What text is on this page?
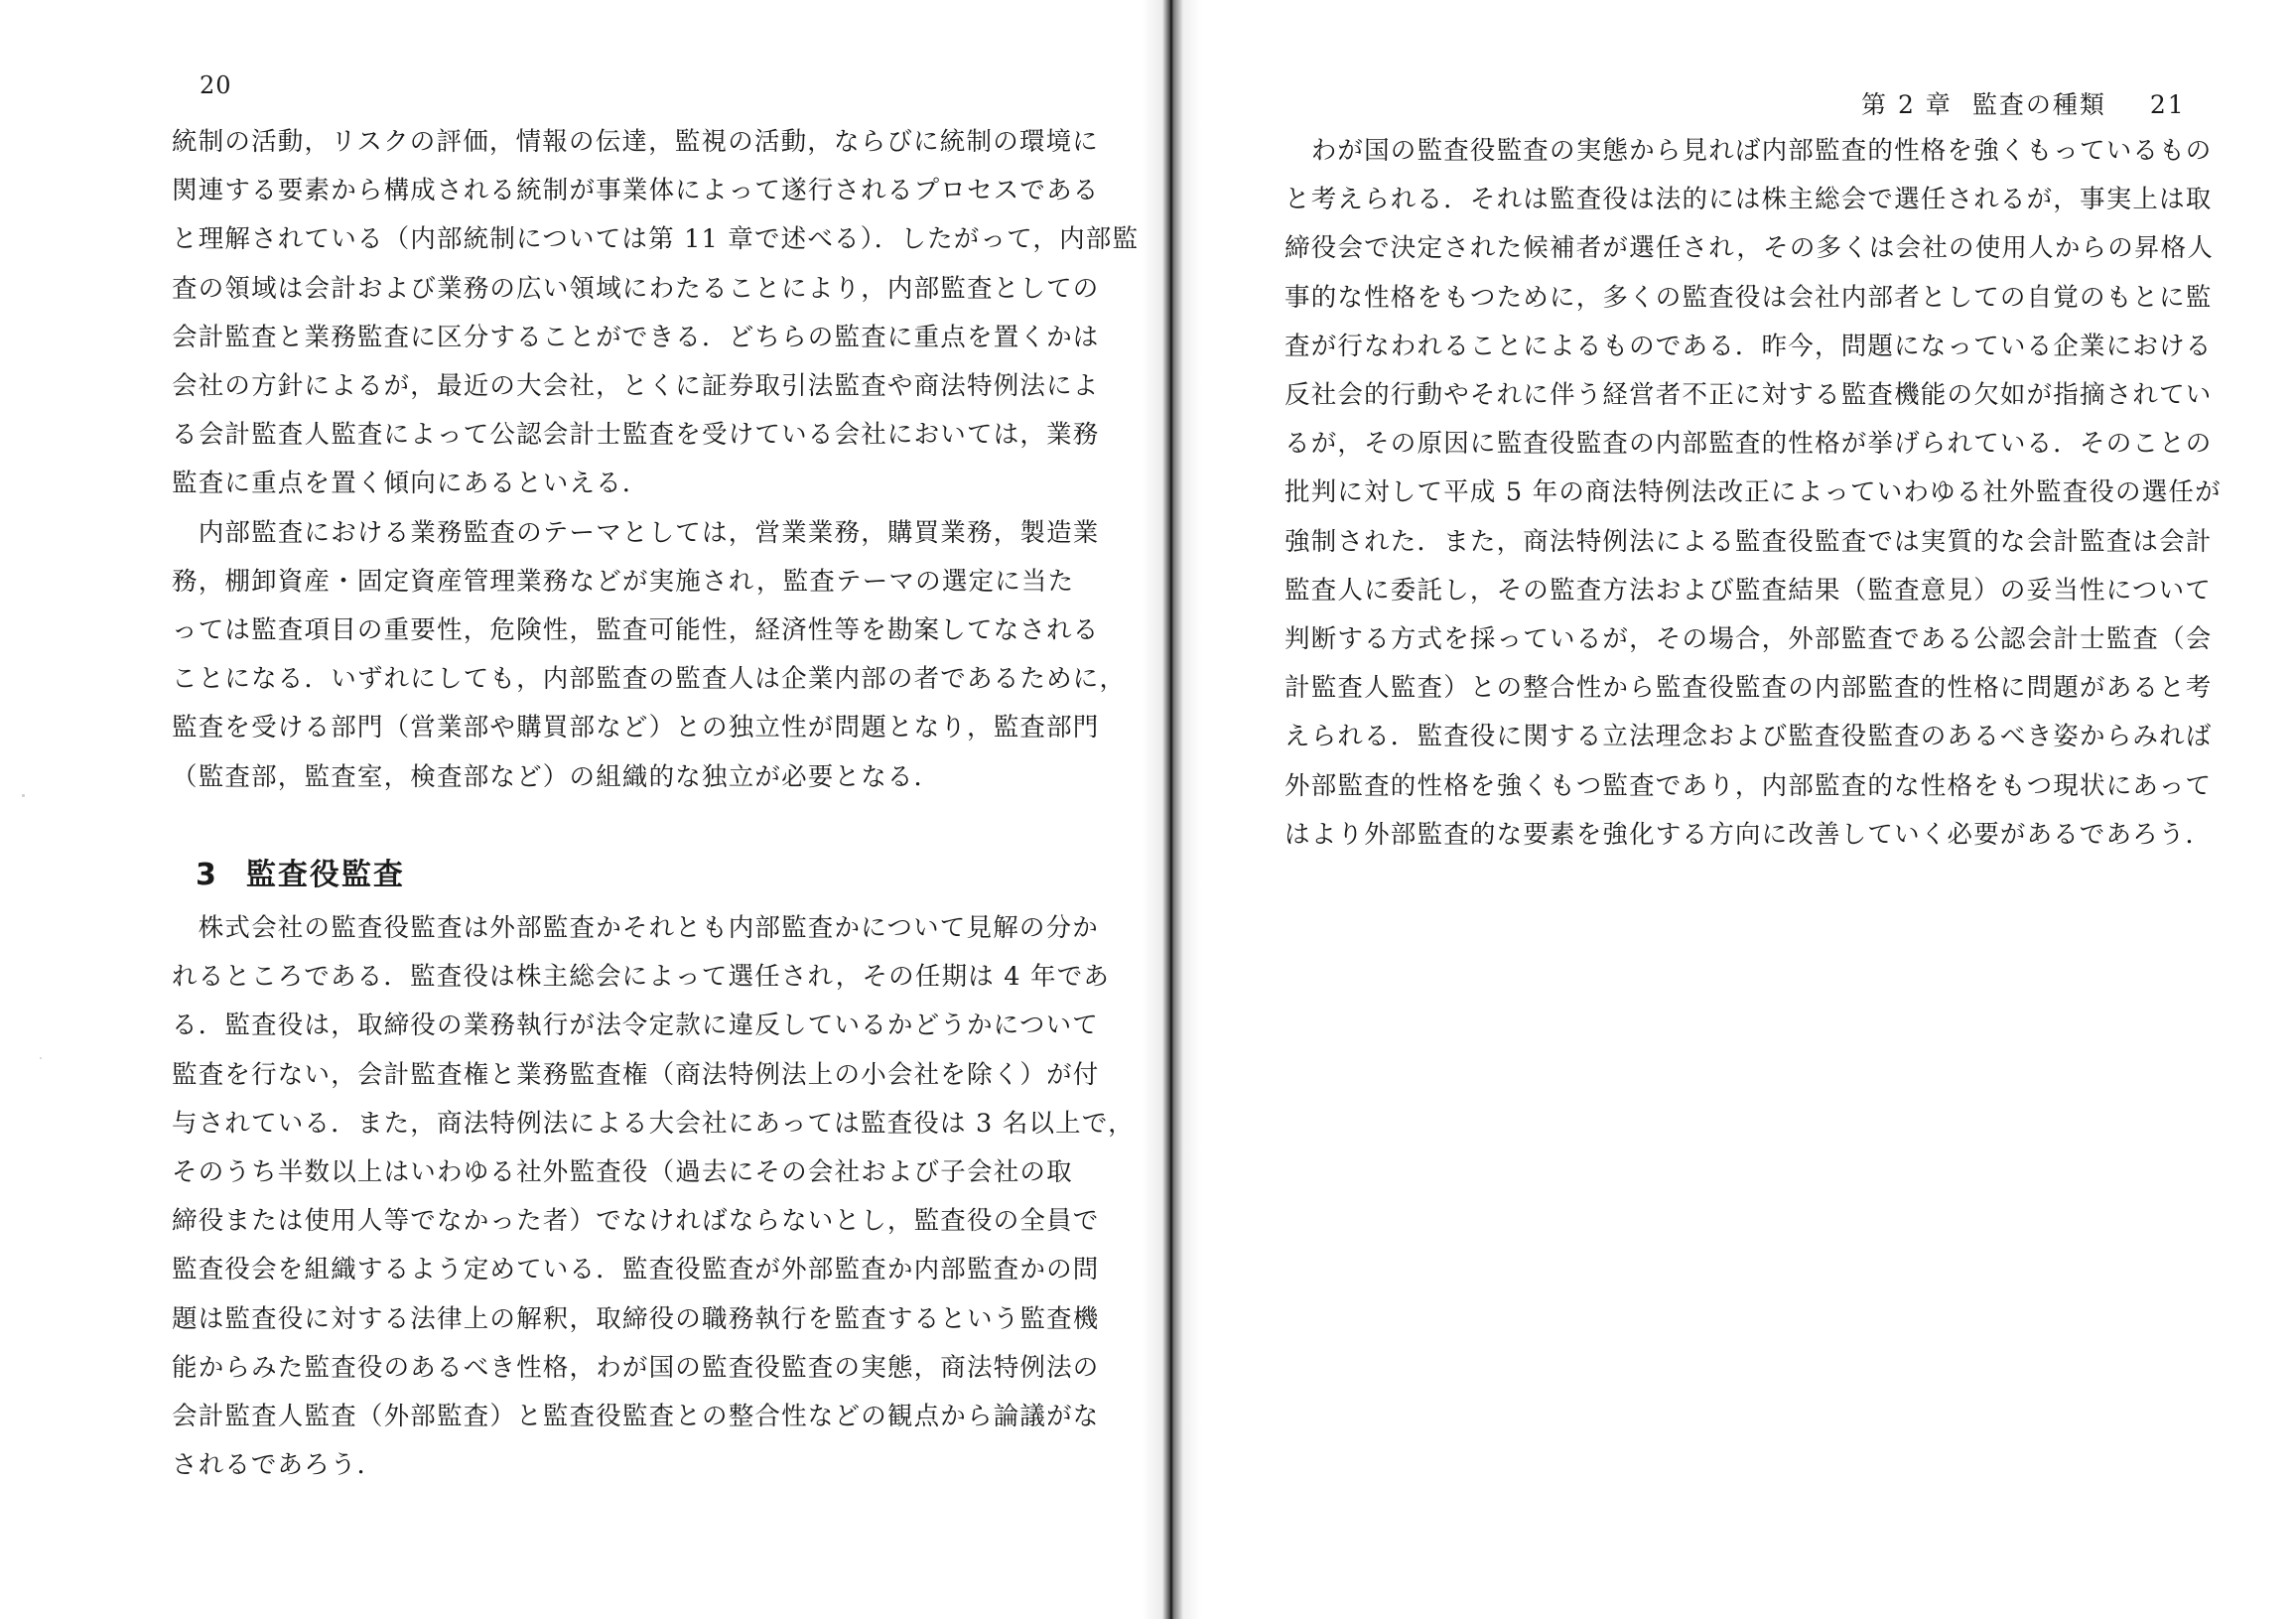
20

統制の活動，リスクの評価，情報の伝達，監視の活動，ならびに統制の環境に

関連する要素から構成される統制が事業体によって遂行されるプロセスである

と理解されている（内部統制については第 11 章で述べる）．したがって，内部監

査の領域は会計および業務の広い領域にわたることにより，内部監査としての

会計監査と業務監査に区分することができる．どちらの監査に重点を置くかは

会社の方針によるが，最近の大会社，とくに証券取引法監査や商法特例法によ

る会計監査人監査によって公認会計士監査を受けている会社においては，業務

監査に重点を置く傾向にあるといえる．

　内部監査における業務監査のテーマとしては，営業業務，購買業務，製造業

務，棚卸資産・固定資産管理業務などが実施され，監査テーマの選定に当た

っては監査項目の重要性，危険性，監査可能性，経済性等を勘案してなされる

ことになる．いずれにしても，内部監査の監査人は企業内部の者であるために，

監査を受ける部門（営業部や購買部など）との独立性が問題となり，監査部門

（監査部，監査室，検査部など）の組織的な独立が必要となる．

3 監査役監査

　株式会社の監査役監査は外部監査かそれとも内部監査かについて見解の分か

れるところである．監査役は株主総会によって選任され，その任期は 4 年であ

る．監査役は，取締役の業務執行が法令定款に違反しているかどうかについて

監査を行ない，会計監査権と業務監査権（商法特例法上の小会社を除く）が付

与されている．また，商法特例法による大会社にあっては監査役は 3 名以上で，

そのうち半数以上はいわゆる社外監査役（過去にその会社および子会社の取

締役または使用人等でなかった者）でなければならないとし，監査役の全員で

監査役会を組織するよう定めている．監査役監査が外部監査か内部監査かの問

題は監査役に対する法律上の解釈，取締役の職務執行を監査するという監査機

能からみた監査役のあるべき性格，わが国の監査役監査の実態，商法特例法の

会計監査人監査（外部監査）と監査役監査との整合性などの観点から論議がな

されるであろう．

第 2 章 監査の種類 21

　わが国の監査役監査の実態から見れば内部監査的性格を強くもっているもの

と考えられる．それは監査役は法的には株主総会で選任されるが，事実上は取

締役会で決定された候補者が選任され，その多くは会社の使用人からの昇格人

事的な性格をもつために，多くの監査役は会社内部者としての自覚のもとに監

査が行なわれることによるものである．昨今，問題になっている企業における

反社会的行動やそれに伴う経営者不正に対する監査機能の欠如が指摘されてい

るが，その原因に監査役監査の内部監査的性格が挙げられている．そのことの

批判に対して平成 5 年の商法特例法改正によっていわゆる社外監査役の選任が

強制された．また，商法特例法による監査役監査では実質的な会計監査は会計

監査人に委託し，その監査方法および監査結果（監査意見）の妥当性について

判断する方式を採っているが，その場合，外部監査である公認会計士監査（会

計監査人監査）との整合性から監査役監査の内部監査的性格に問題があると考

えられる．監査役に関する立法理念および監査役監査のあるべき姿からみれば

外部監査的性格を強くもつ監査であり，内部監査的な性格をもつ現状にあって

はより外部監査的な要素を強化する方向に改善していく必要があるであろう．
